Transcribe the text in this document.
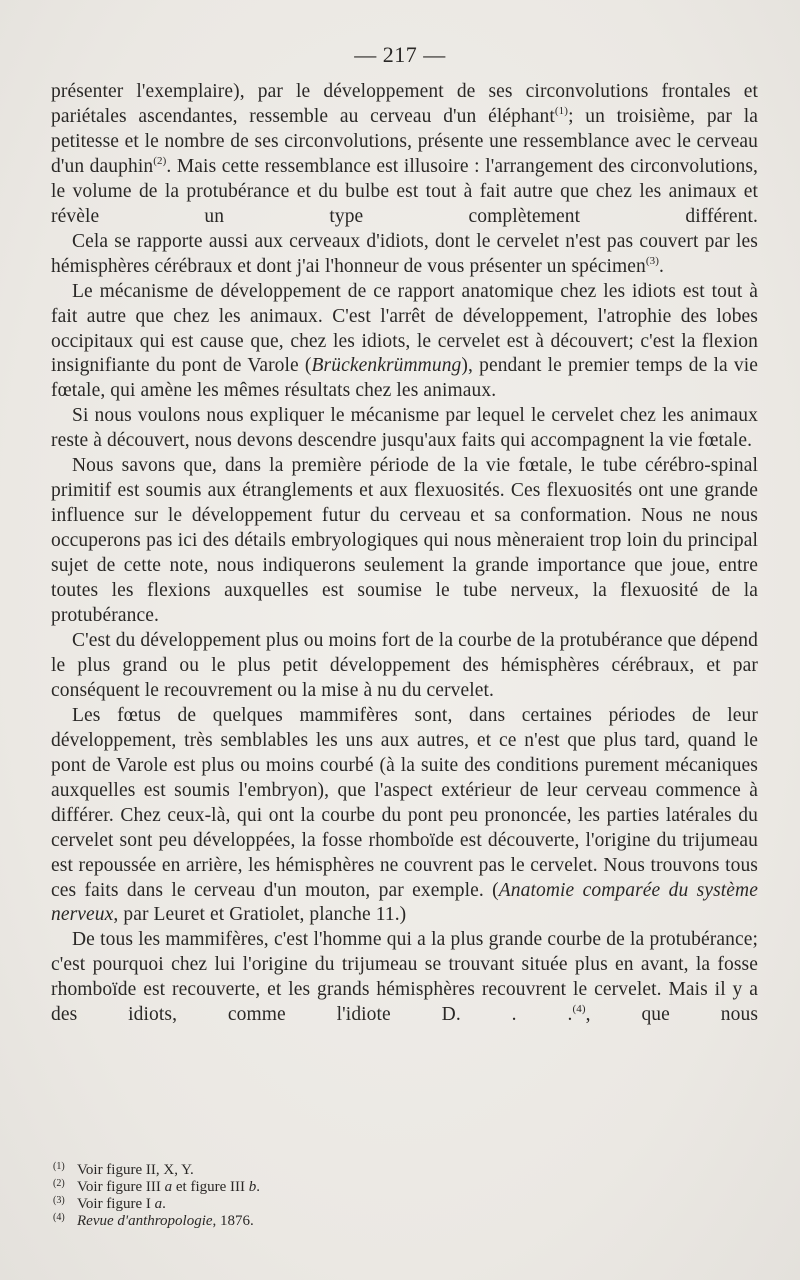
— 217 —

présenter l'exemplaire), par le développement de ses circonvolutions frontales et pariétales ascendantes, ressemble au cerveau d'un éléphant$^{(1)}$; un troisième, par la petitesse et le nombre de ses circonvolutions, présente une ressemblance avec le cerveau d'un dauphin$^{(2)}$. Mais cette ressemblance est illusoire : l'arrangement des circonvolutions, le volume de la protubérance et du bulbe est tout à fait autre que chez les animaux et révèle un type complètement différent.

Cela se rapporte aussi aux cerveaux d'idiots, dont le cervelet n'est pas couvert par les hémisphères cérébraux et dont j'ai l'honneur de vous présenter un spécimen$^{(3)}$.

Le mécanisme de développement de ce rapport anatomique chez les idiots est tout à fait autre que chez les animaux. C'est l'arrêt de développement, l'atrophie des lobes occipitaux qui est cause que, chez les idiots, le cervelet est à découvert; c'est la flexion insignifiante du pont de Varole (Brückenkrümmung), pendant le premier temps de la vie fœtale, qui amène les mêmes résultats chez les animaux.

Si nous voulons nous expliquer le mécanisme par lequel le cervelet chez les animaux reste à découvert, nous devons descendre jusqu'aux faits qui accompagnent la vie fœtale.

Nous savons que, dans la première période de la vie fœtale, le tube cérébro-spinal primitif est soumis aux étranglements et aux flexuosités. Ces flexuosités ont une grande influence sur le développement futur du cerveau et sa conformation. Nous ne nous occuperons pas ici des détails embryologiques qui nous mèneraient trop loin du principal sujet de cette note, nous indiquerons seulement la grande importance que joue, entre toutes les flexions auxquelles est soumise le tube nerveux, la flexuosité de la protubérance.

C'est du développement plus ou moins fort de la courbe de la protubérance que dépend le plus grand ou le plus petit développement des hémisphères cérébraux, et par conséquent le recouvrement ou la mise à nu du cervelet.

Les fœtus de quelques mammifères sont, dans certaines périodes de leur développement, très semblables les uns aux autres, et ce n'est que plus tard, quand le pont de Varole est plus ou moins courbé (à la suite des conditions purement mécaniques auxquelles est soumis l'embryon), que l'aspect extérieur de leur cerveau commence à différer. Chez ceux-là, qui ont la courbe du pont peu prononcée, les parties latérales du cervelet sont peu développées, la fosse rhomboïde est découverte, l'origine du trijumeau est repoussée en arrière, les hémisphères ne couvrent pas le cervelet. Nous trouvons tous ces faits dans le cerveau d'un mouton, par exemple. (Anatomie comparée du système nerveux, par Leuret et Gratiolet, planche 11.)

De tous les mammifères, c'est l'homme qui a la plus grande courbe de la protubérance; c'est pourquoi chez lui l'origine du trijumeau se trouvant située plus en avant, la fosse rhomboïde est recouverte, et les grands hémisphères recouvrent le cervelet. Mais il y a des idiots, comme l'idiote D. . .$^{(4)}$, que nous

(1) Voir figure II, X, Y.
(2) Voir figure III a et figure III b.
(3) Voir figure I a.
(4) Revue d'anthropologie, 1876.
